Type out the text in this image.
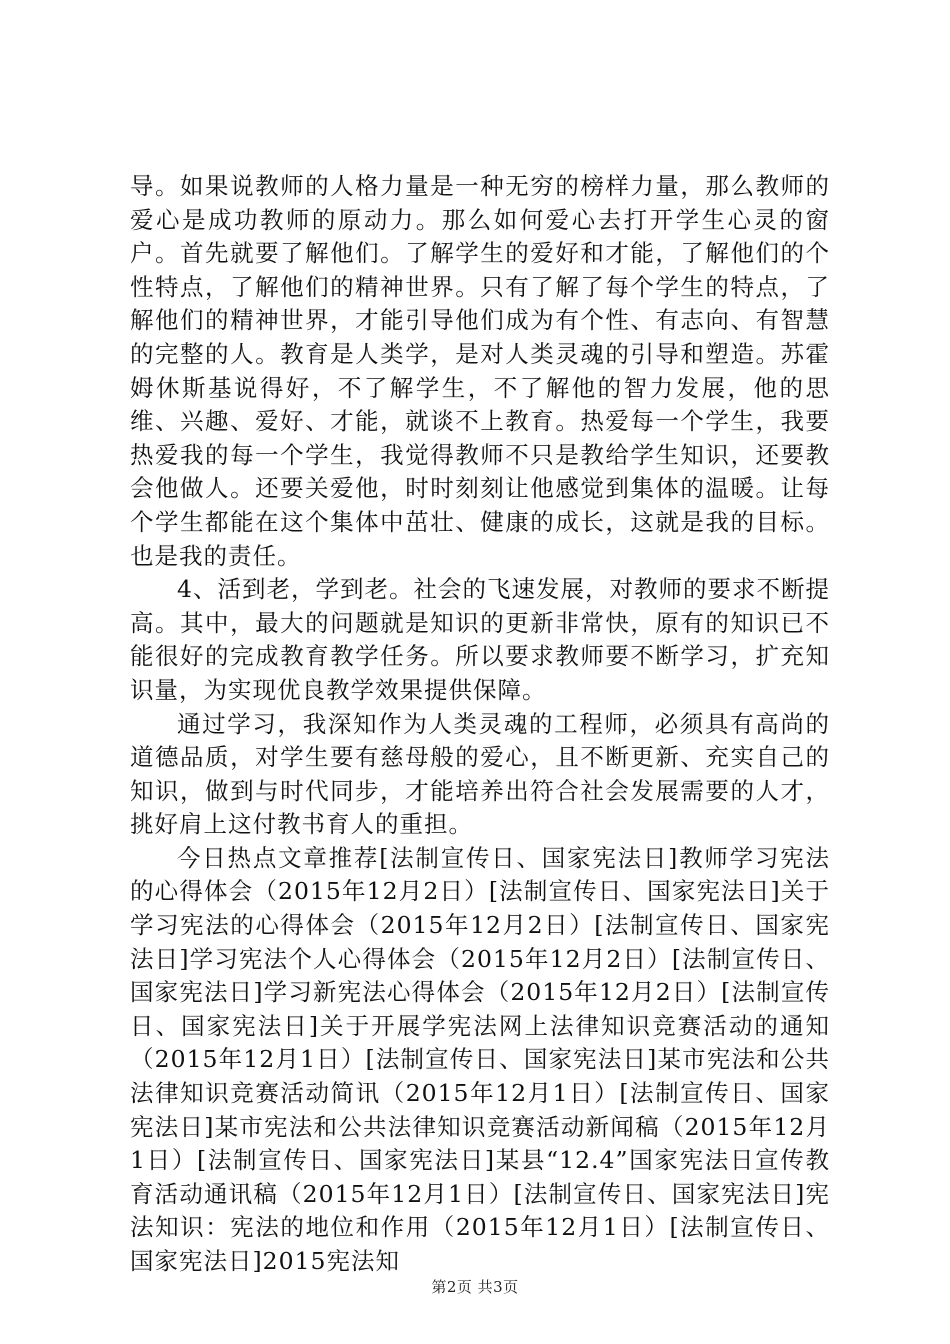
导。如果说教师的人格力量是一种无穷的榜样力量，那么教师的爱心是成功教师的原动力。那么如何爱心去打开学生心灵的窗户。首先就要了解他们。了解学生的爱好和才能，了解他们的个性特点，了解他们的精神世界。只有了解了每个学生的特点，了解他们的精神世界，才能引导他们成为有个性、有志向、有智慧的完整的人。教育是人类学，是对人类灵魂的引导和塑造。苏霍姆休斯基说得好，不了解学生，不了解他的智力发展，他的思维、兴趣、爱好、才能，就谈不上教育。热爱每一个学生，我要热爱我的每一个学生，我觉得教师不只是教给学生知识，还要教会他做人。还要关爱他，时时刻刻让他感觉到集体的温暖。让每个学生都能在这个集体中茁壮、健康的成长，这就是我的目标。也是我的责任。

4、活到老，学到老。社会的飞速发展，对教师的要求不断提高。其中，最大的问题就是知识的更新非常快，原有的知识已不能很好的完成教育教学任务。所以要求教师要不断学习，扩充知识量，为实现优良教学效果提供保障。

通过学习，我深知作为人类灵魂的工程师，必须具有高尚的道德品质，对学生要有慈母般的爱心，且不断更新、充实自己的知识，做到与时代同步，才能培养出符合社会发展需要的人才，挑好肩上这付教书育人的重担。

今日热点文章推荐[法制宣传日、国家宪法日]教师学习宪法的心得体会（2015年12月2日）[法制宣传日、国家宪法日]关于学习宪法的心得体会（2015年12月2日）[法制宣传日、国家宪法日]学习宪法个人心得体会（2015年12月2日）[法制宣传日、国家宪法日]学习新宪法心得体会（2015年12月2日）[法制宣传日、国家宪法日]关于开展学宪法网上法律知识竞赛活动的通知（2015年12月1日）[法制宣传日、国家宪法日]某市宪法和公共法律知识竞赛活动简讯（2015年12月1日）[法制宣传日、国家宪法日]某市宪法和公共法律知识竞赛活动新闻稿（2015年12月1日）[法制宣传日、国家宪法日]某县“12.4”国家宪法日宣传教育活动通讯稿（2015年12月1日）[法制宣传日、国家宪法日]宪法知识：宪法的地位和作用（2015年12月1日）[法制宣传日、国家宪法日]2015宪法知

第2页 共3页
